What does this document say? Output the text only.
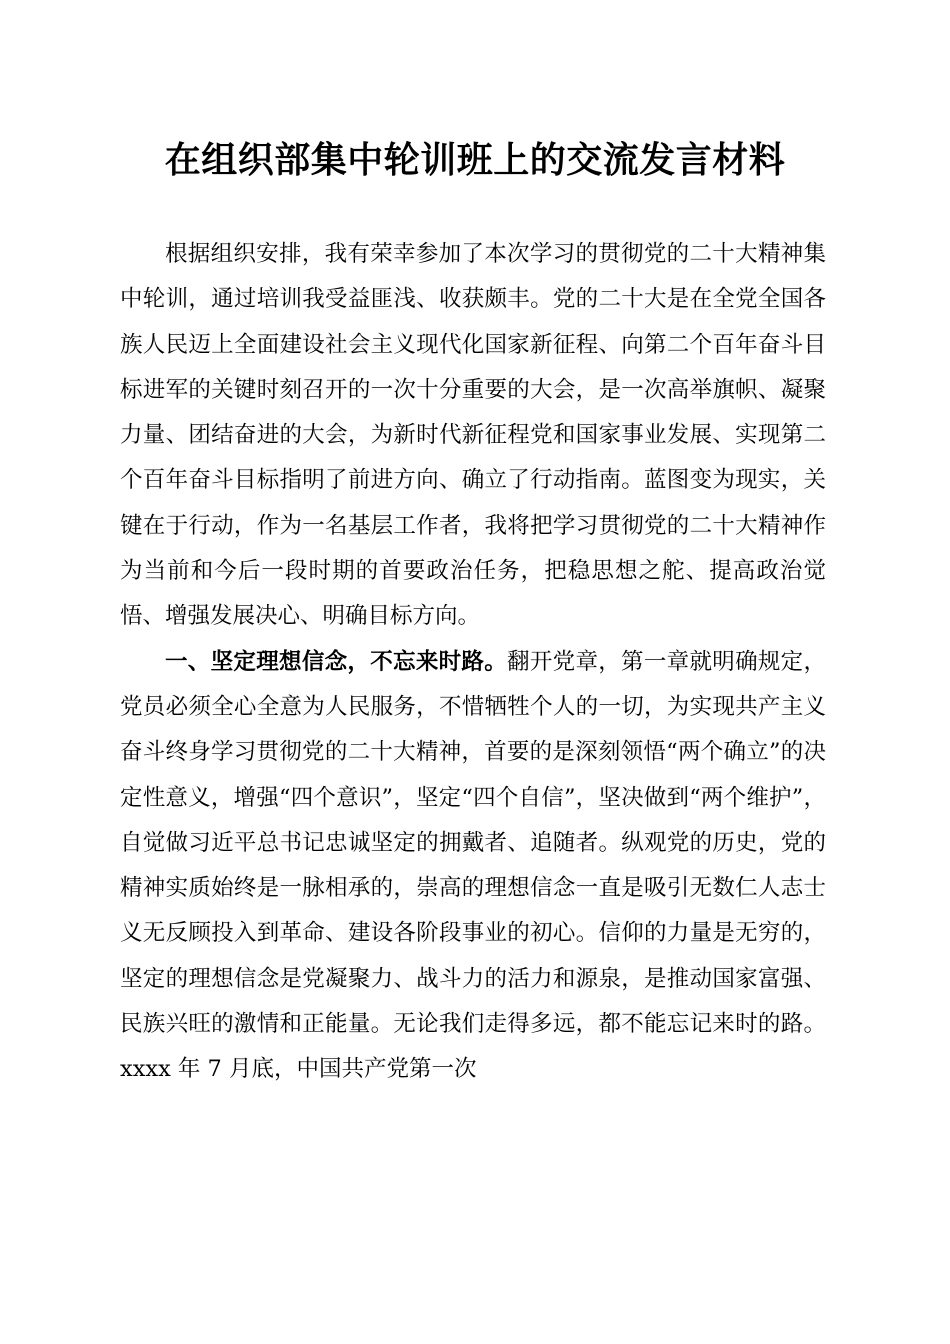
在组织部集中轮训班上的交流发言材料

根据组织安排，我有荣幸参加了本次学习的贯彻党的二十大精神集中轮训，通过培训我受益匪浅、收获颇丰。党的二十大是在全党全国各族人民迈上全面建设社会主义现代化国家新征程、向第二个百年奋斗目标进军的关键时刻召开的一次十分重要的大会，是一次高举旗帜、凝聚力量、团结奋进的大会，为新时代新征程党和国家事业发展、实现第二个百年奋斗目标指明了前进方向、确立了行动指南。蓝图变为现实，关键在于行动，作为一名基层工作者，我将把学习贯彻党的二十大精神作为当前和今后一段时期的首要政治任务，把稳思想之舵、提高政治觉悟、增强发展决心、明确目标方向。

一、坚定理想信念，不忘来时路。翻开党章，第一章就明确规定，党员必须全心全意为人民服务，不惜牺牲个人的一切，为实现共产主义奋斗终身学习贯彻党的二十大精神，首要的是深刻领悟“两个确立”的决定性意义，增强“四个意识”，坚定“四个自信”，坚决做到“两个维护”，自觉做习近平总书记忠诚坚定的拥戴者、追随者。纵观党的历史，党的精神实质始终是一脉相承的，崇高的理想信念一直是吸引无数仁人志士义无反顾投入到革命、建设各阶段事业的初心。信仰的力量是无穷的，坚定的理想信念是党凝聚力、战斗力的活力和源泉，是推动国家富强、民族兴旺的激情和正能量。无论我们走得多远，都不能忘记来时的路。xxxx 年 7 月底，中国共产党第一次
